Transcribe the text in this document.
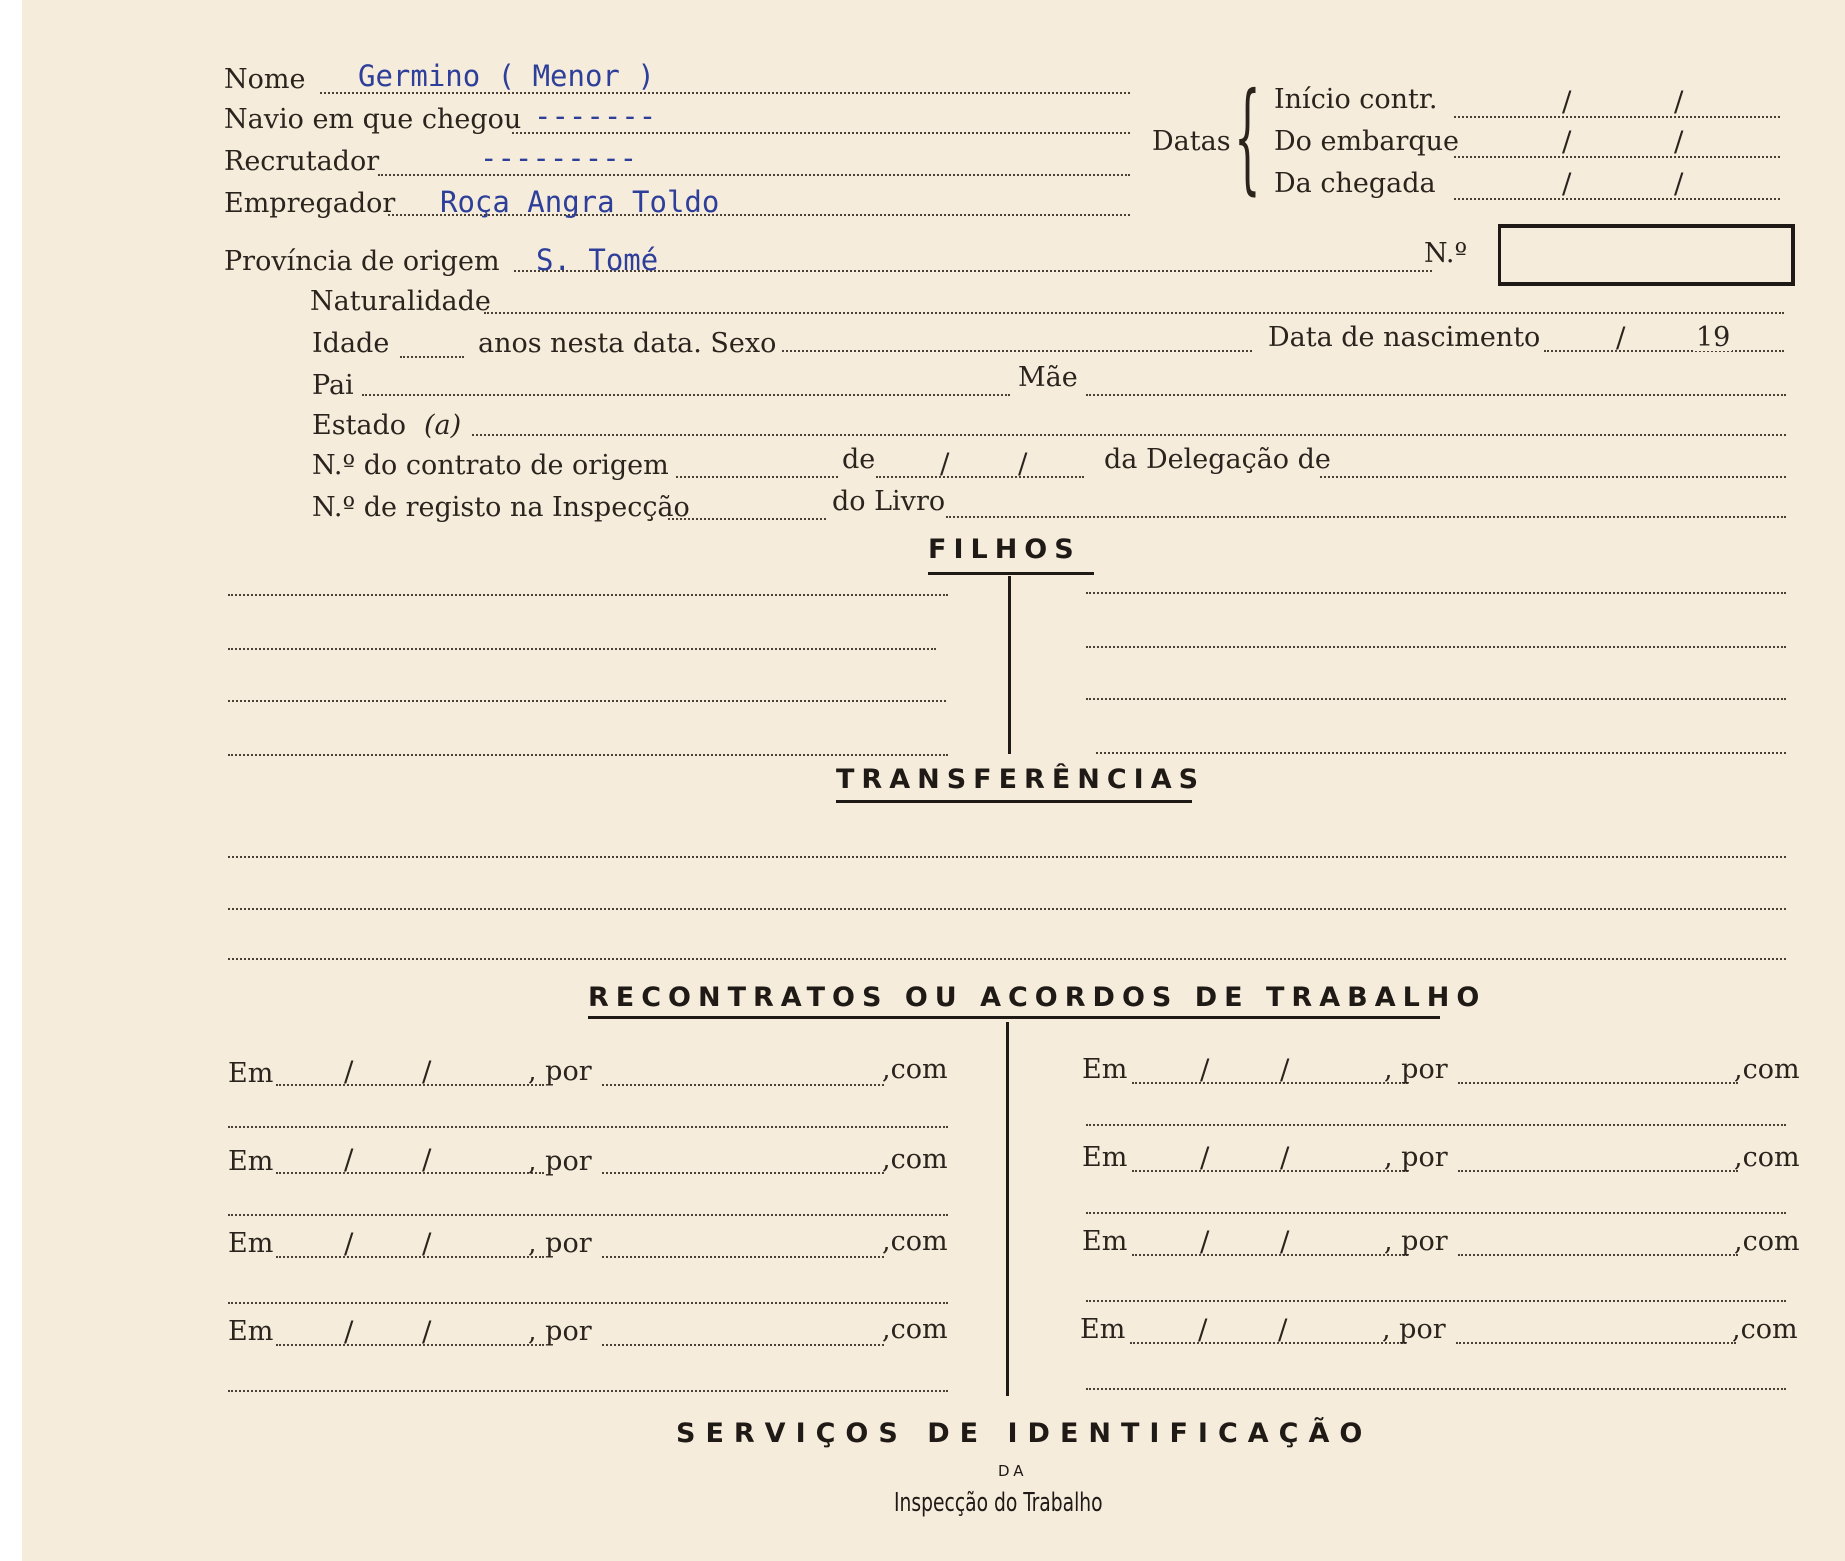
Nome Germino ( Menor )
Navio em que chegou -------
Recrutador	---------
Empregador Roça Angra Toldo
Datas { Início contr.	/	/
Do embarque	/	/
Da chegada	/	/
Província de origem S. Tomé	N.º
Naturalidade
Idade	anos nesta data. Sexo	Data de nascimento	/	19
Pai	Mãe
Estado (a)
N.º do contrato de origem	de / /	da Delegação de
N.º de registo na Inspecção	do Livro
FILHOS
TRANSFERÊNCIAS
RECONTRATOS OU ACORDOS DE TRABALHO
Em	/ /	, por	,com
Em	/ /	, por	,com
Em	/ /	, por	,com
Em	/ /	, por	,com
Em	/	/	, por	,com
Em	/	/	, por	,com
Em	/	/	, por	,com
Em	/	/	, por	,com
SERVIÇOS DE IDENTIFICAÇÃO
DA
Inspecção do Trabalho
